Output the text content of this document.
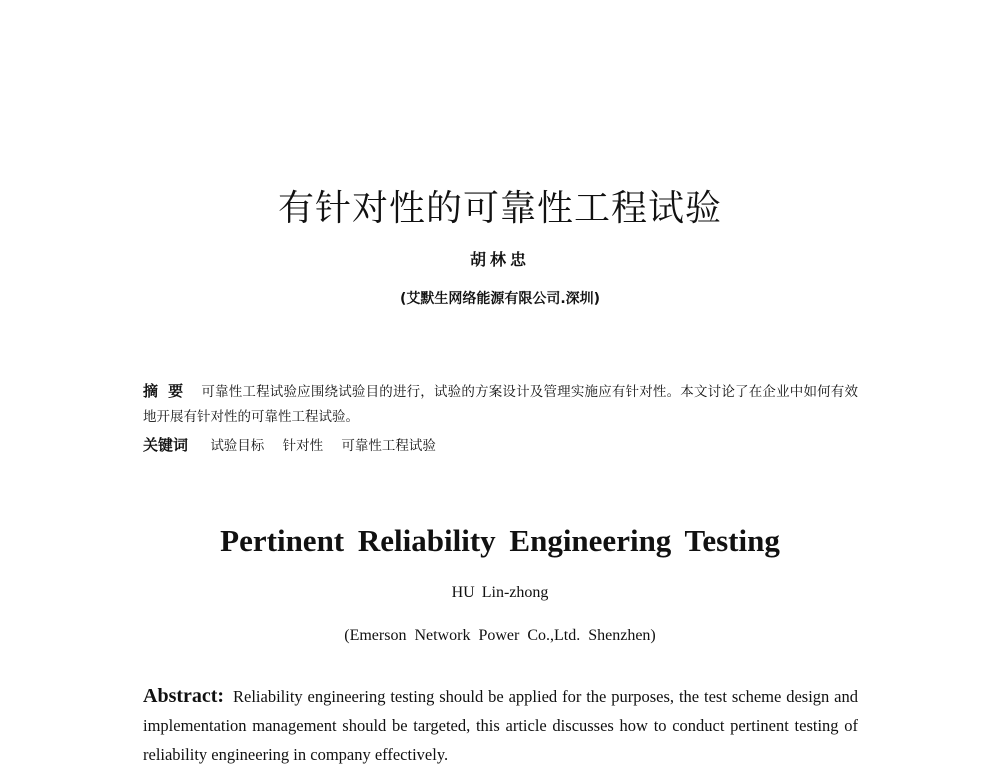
有针对性的可靠性工程试验
胡林忠
(艾默生网络能源有限公司.深圳)
摘要 可靠性工程试验应围绕试验目的进行，试验的方案设计及管理实施应有针对性。本文讨论了在企业中如何有效地开展有针对性的可靠性工程试验。
关键词 试验目标 针对性 可靠性工程试验
Pertinent Reliability Engineering Testing
HU Lin-zhong
(Emerson Network Power Co.,Ltd. Shenzhen)
Abstract: Reliability engineering testing should be applied for the purposes, the test scheme design and implementation management should be targeted, this article discusses how to conduct pertinent testing of reliability engineering in company effectively.
